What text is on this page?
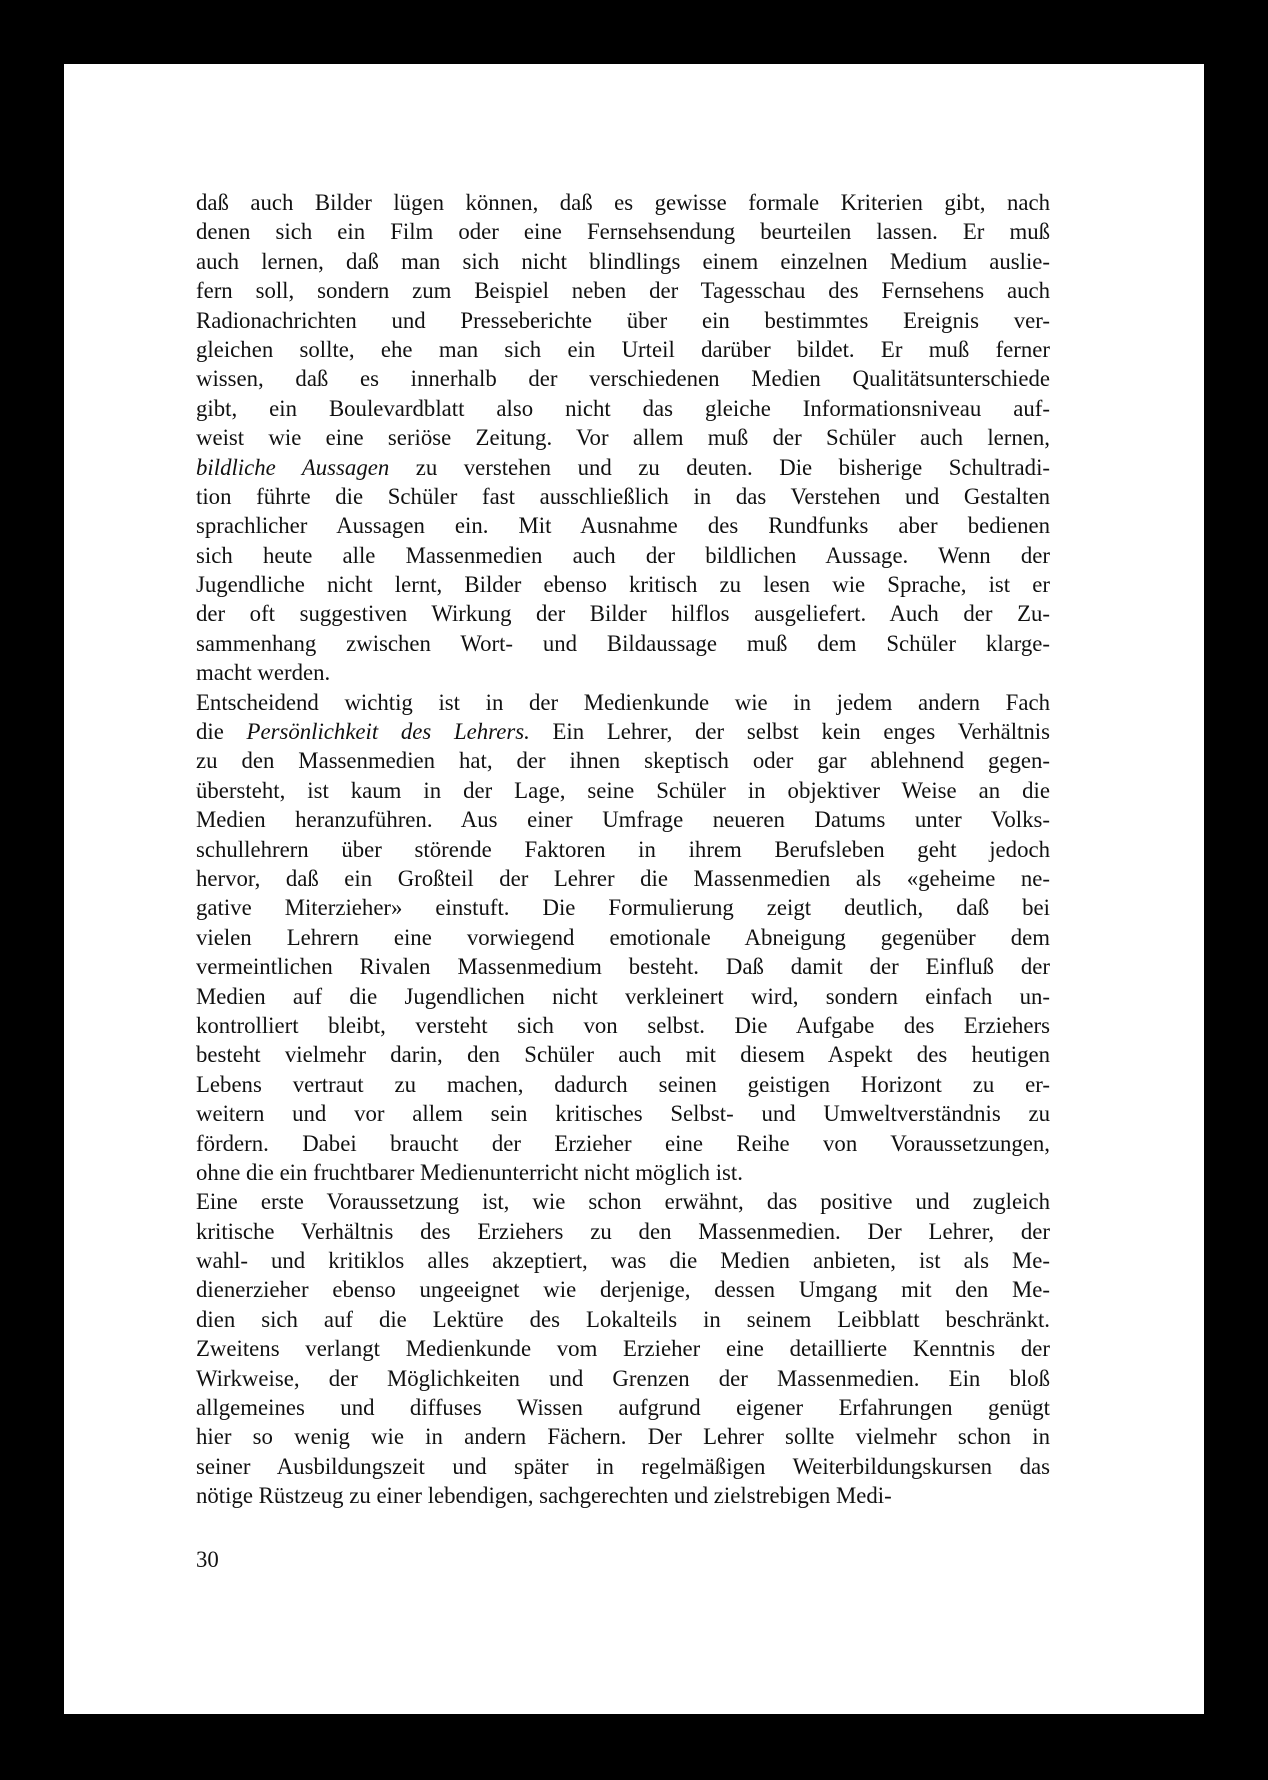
daß auch Bilder lügen können, daß es gewisse formale Kriterien gibt, nach
denen sich ein Film oder eine Fernsehsendung beurteilen lassen. Er muß
auch lernen, daß man sich nicht blindlings einem einzelnen Medium auslie-
fern soll, sondern zum Beispiel neben der Tagesschau des Fernsehens auch
Radionachrichten und Presseberichte über ein bestimmtes Ereignis ver-
gleichen sollte, ehe man sich ein Urteil darüber bildet. Er muß ferner
wissen, daß es innerhalb der verschiedenen Medien Qualitätsunterschiede
gibt, ein Boulevardblatt also nicht das gleiche Informationsniveau auf-
weist wie eine seriöse Zeitung. Vor allem muß der Schüler auch lernen,
bildliche Aussagen zu verstehen und zu deuten. Die bisherige Schultradi-
tion führte die Schüler fast ausschließlich in das Verstehen und Gestalten
sprachlicher Aussagen ein. Mit Ausnahme des Rundfunks aber bedienen
sich heute alle Massenmedien auch der bildlichen Aussage. Wenn der
Jugendliche nicht lernt, Bilder ebenso kritisch zu lesen wie Sprache, ist er
der oft suggestiven Wirkung der Bilder hilflos ausgeliefert. Auch der Zu-
sammenhang zwischen Wort- und Bildaussage muß dem Schüler klarge-
macht werden.

Entscheidend wichtig ist in der Medienkunde wie in jedem andern Fach
die Persönlichkeit des Lehrers. Ein Lehrer, der selbst kein enges Verhältnis
zu den Massenmedien hat, der ihnen skeptisch oder gar ablehnend gegen-
übersteht, ist kaum in der Lage, seine Schüler in objektiver Weise an die
Medien heranzuführen. Aus einer Umfrage neueren Datums unter Volks-
schullehrern über störende Faktoren in ihrem Berufsleben geht jedoch
hervor, daß ein Großteil der Lehrer die Massenmedien als «geheime ne-
gative Miterzieher» einstuft. Die Formulierung zeigt deutlich, daß bei
vielen Lehrern eine vorwiegend emotionale Abneigung gegenüber dem
vermeintlichen Rivalen Massenmedium besteht. Daß damit der Einfluß der
Medien auf die Jugendlichen nicht verkleinert wird, sondern einfach un-
kontrolliert bleibt, versteht sich von selbst. Die Aufgabe des Erziehers
besteht vielmehr darin, den Schüler auch mit diesem Aspekt des heutigen
Lebens vertraut zu machen, dadurch seinen geistigen Horizont zu er-
weitern und vor allem sein kritisches Selbst- und Umweltverständnis zu
fördern. Dabei braucht der Erzieher eine Reihe von Voraussetzungen,
ohne die ein fruchtbarer Medienunterricht nicht möglich ist.

Eine erste Voraussetzung ist, wie schon erwähnt, das positive und zugleich
kritische Verhältnis des Erziehers zu den Massenmedien. Der Lehrer, der
wahl- und kritiklos alles akzeptiert, was die Medien anbieten, ist als Me-
dienerzieher ebenso ungeeignet wie derjenige, dessen Umgang mit den Me-
dien sich auf die Lektüre des Lokalteils in seinem Leibblatt beschränkt.
Zweitens verlangt Medienkunde vom Erzieher eine detaillierte Kenntnis der
Wirkweise, der Möglichkeiten und Grenzen der Massenmedien. Ein bloß
allgemeines und diffuses Wissen aufgrund eigener Erfahrungen genügt
hier so wenig wie in andern Fächern. Der Lehrer sollte vielmehr schon in
seiner Ausbildungszeit und später in regelmäßigen Weiterbildungskursen das
nötige Rüstzeug zu einer lebendigen, sachgerechten und zielstrebigen Medi-

30
